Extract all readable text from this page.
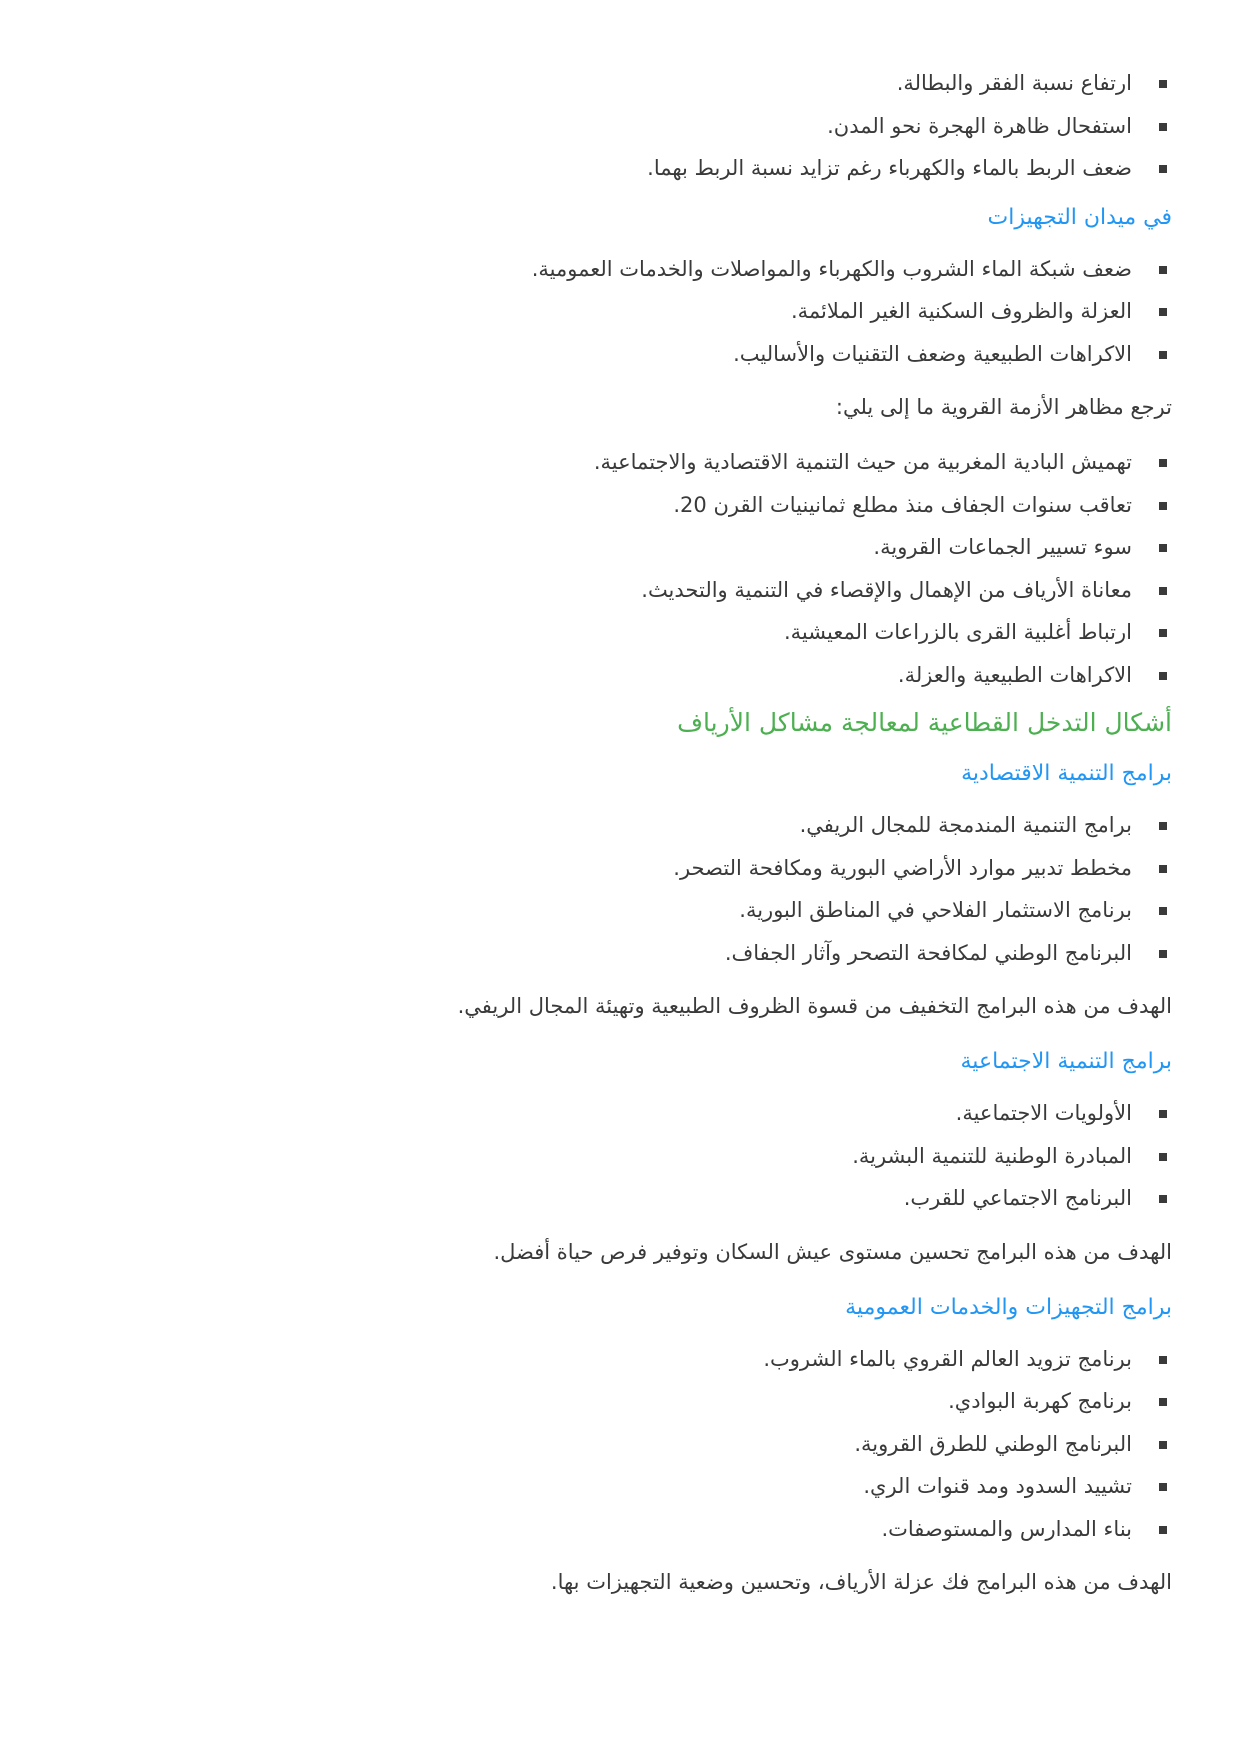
ارتفاع نسبة الفقر والبطالة.
استفحال ظاهرة الهجرة نحو المدن.
ضعف الربط بالماء والكهرباء رغم تزايد نسبة الربط بهما.
في ميدان التجهيزات
ضعف شبكة الماء الشروب والكهرباء والمواصلات والخدمات العمومية.
العزلة والظروف السكنية الغير الملائمة.
الاكراهات الطبيعية وضعف التقنيات والأساليب.

ترجع مظاهر الأزمة القروية ما إلى يلي:

تهميش البادية المغربية من حيث التنمية الاقتصادية والاجتماعية.
تعاقب سنوات الجفاف منذ مطلع ثمانينيات القرن 20.
سوء تسيير الجماعات القروية.
معاناة الأرياف من الإهمال والإقصاء في التنمية والتحديث.
ارتباط أغلبية القرى بالزراعات المعيشية.
الاكراهات الطبيعية والعزلة.
أشكال التدخل القطاعية لمعالجة مشاكل الأرياف
برامج التنمية الاقتصادية
برامج التنمية المندمجة للمجال الريفي.
مخطط تدبير موارد الأراضي البورية ومكافحة التصحر.
برنامج الاستثمار الفلاحي في المناطق البورية.
البرنامج الوطني لمكافحة التصحر وآثار الجفاف.

الهدف من هذه البرامج التخفيف من قسوة الظروف الطبيعية وتهيئة المجال الريفي.

برامج التنمية الاجتماعية
الأولويات الاجتماعية.
المبادرة الوطنية للتنمية البشرية.
البرنامج الاجتماعي للقرب.

الهدف من هذه البرامج تحسين مستوى عيش السكان وتوفير فرص حياة أفضل.

برامج التجهيزات والخدمات العمومية
برنامج تزويد العالم القروي بالماء الشروب.
برنامج كهربة البوادي.
البرنامج الوطني للطرق القروية.
تشييد السدود ومد قنوات الري.
بناء المدارس والمستوصفات.

الهدف من هذه البرامج فك عزلة الأرياف، وتحسين وضعية التجهيزات بها.
